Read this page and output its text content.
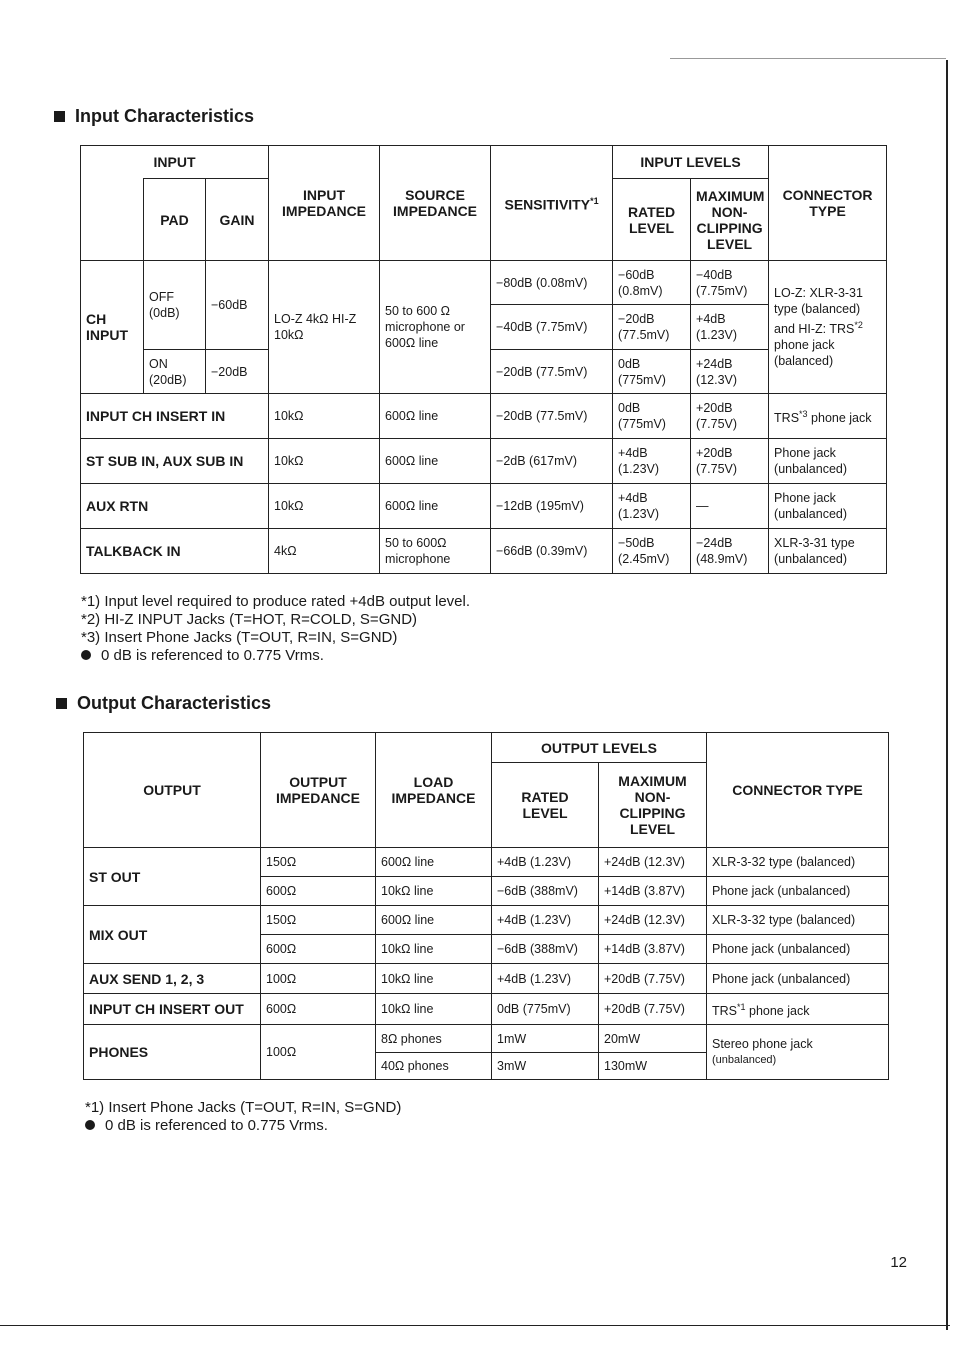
Input Characteristics
INPUT			INPUT IMPEDANCE	SOURCE IMPEDANCE	SENSITIVITY$^{*1}$	INPUT LEVELS		CONNECTOR TYPE
	PAD	GAIN				RATED LEVEL	MAXIMUM NON-CLIPPING LEVEL	
CH INPUT	OFF (0dB)	−60dB	LO-Z 4kΩ HI-Z 10kΩ	50 to 600 Ω microphone or 600Ω line	−80dB (0.08mV)	−60dB (0.8mV)	−40dB (7.75mV)	LO-Z: XLR-3-31 type (balanced) and HI-Z: TRS$^{*2}$ phone jack (balanced)
					−40dB (7.75mV)	−20dB (77.5mV)	+4dB (1.23V)	
	ON (20dB)	−20dB			−20dB (77.5mV)	0dB (775mV)	+24dB (12.3V)	
INPUT CH INSERT IN			10kΩ	600Ω line	−20dB (77.5mV)	0dB (775mV)	+20dB (7.75V)	TRS$^{*3}$ phone jack
ST SUB IN, AUX SUB IN			10kΩ	600Ω line	−2dB (617mV)	+4dB (1.23V)	+20dB (7.75V)	Phone jack (unbalanced)
AUX RTN			10kΩ	600Ω line	−12dB (195mV)	+4dB (1.23V)	—	Phone jack (unbalanced)
TALKBACK IN			4kΩ	50 to 600Ω microphone	−66dB (0.39mV)	−50dB (2.45mV)	−24dB (48.9mV)	XLR-3-31 type (unbalanced)
*1) Input level required to produce rated +4dB output level.
*2) HI-Z INPUT Jacks (T=HOT, R=COLD, S=GND)
*3) Insert Phone Jacks (T=OUT, R=IN, S=GND)
0 dB is referenced to 0.775 Vrms.
Output Characteristics
OUTPUT	OUTPUT IMPEDANCE	LOAD IMPEDANCE	OUTPUT LEVELS		CONNECTOR TYPE
			RATED LEVEL	MAXIMUM NON-CLIPPING LEVEL	
ST OUT	150Ω	600Ω line	+4dB (1.23V)	+24dB (12.3V)	XLR-3-32 type (balanced)
	600Ω	10kΩ line	−6dB (388mV)	+14dB (3.87V)	Phone jack (unbalanced)
MIX OUT	150Ω	600Ω line	+4dB (1.23V)	+24dB (12.3V)	XLR-3-32 type (balanced)
	600Ω	10kΩ line	−6dB (388mV)	+14dB (3.87V)	Phone jack (unbalanced)
AUX SEND 1, 2, 3	100Ω	10kΩ line	+4dB (1.23V)	+20dB (7.75V)	Phone jack (unbalanced)
INPUT CH INSERT OUT	600Ω	10kΩ line	0dB (775mV)	+20dB (7.75V)	TRS$^{*1}$ phone jack
PHONES	100Ω	8Ω phones	1mW	20mW	Stereo phone jack
(unbalanced)

		40Ω phones	3mW	130mW	
*1) Insert Phone Jacks (T=OUT, R=IN, S=GND)
0 dB is referenced to 0.775 Vrms.
12
